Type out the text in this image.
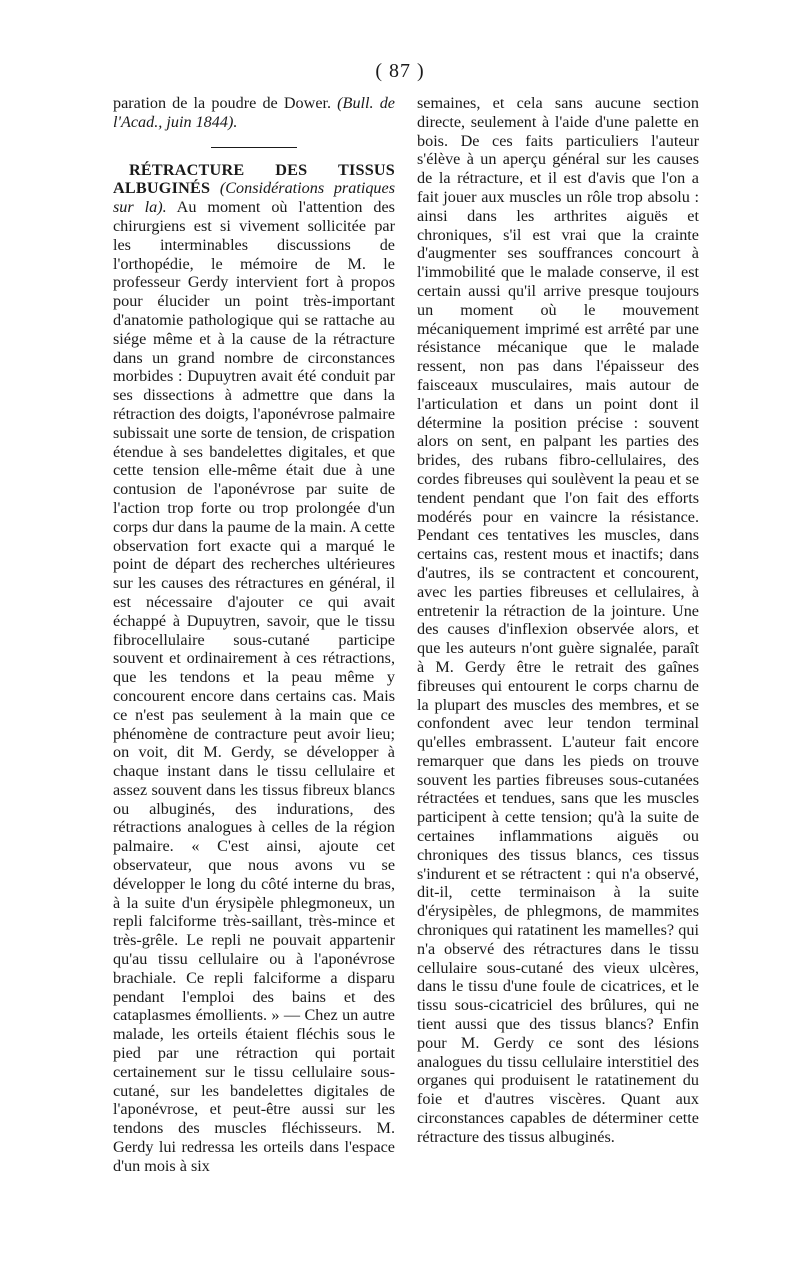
( 87 )

paration de la poudre de Dower. (Bull. de l'Acad., juin 1844).

RÉTRACTURE DES TISSUS ALBUGINÉS (Considérations pratiques sur la). Au moment où l'attention des chirurgiens est si vivement sollicitée par les interminables discussions de l'orthopédie, le mémoire de M. le professeur Gerdy intervient fort à propos pour élucider un point très-important d'anatomie pathologique qui se rattache au siége même et à la cause de la rétracture dans un grand nombre de circonstances morbides : Dupuytren avait été conduit par ses dissections à admettre que dans la rétraction des doigts, l'aponévrose palmaire subissait une sorte de tension, de crispation étendue à ses bandelettes digitales, et que cette tension elle-même était due à une contusion de l'aponévrose par suite de l'action trop forte ou trop prolongée d'un corps dur dans la paume de la main. A cette observation fort exacte qui a marqué le point de départ des recherches ultérieures sur les causes des rétractures en général, il est nécessaire d'ajouter ce qui avait échappé à Dupuytren, savoir, que le tissu fibrocellulaire sous-cutané participe souvent et ordinairement à ces rétractions, que les tendons et la peau même y concourent encore dans certains cas. Mais ce n'est pas seulement à la main que ce phénomène de contracture peut avoir lieu; on voit, dit M. Gerdy, se développer à chaque instant dans le tissu cellulaire et assez souvent dans les tissus fibreux blancs ou albuginés, des indurations, des rétractions analogues à celles de la région palmaire. « C'est ainsi, ajoute cet observateur, que nous avons vu se développer le long du côté interne du bras, à la suite d'un érysipèle phlegmoneux, un repli falciforme très-saillant, très-mince et très-grêle. Le repli ne pouvait appartenir qu'au tissu cellulaire ou à l'aponévrose brachiale. Ce repli falciforme a disparu pendant l'emploi des bains et des cataplasmes émollients. » — Chez un autre malade, les orteils étaient fléchis sous le pied par une rétraction qui portait certainement sur le tissu cellulaire sous-cutané, sur les bandelettes digitales de l'aponévrose, et peut-être aussi sur les tendons des muscles fléchisseurs. M. Gerdy lui redressa les orteils dans l'espace d'un mois à six

semaines, et cela sans aucune section directe, seulement à l'aide d'une palette en bois. De ces faits particuliers l'auteur s'élève à un aperçu général sur les causes de la rétracture, et il est d'avis que l'on a fait jouer aux muscles un rôle trop absolu : ainsi dans les arthrites aiguës et chroniques, s'il est vrai que la crainte d'augmenter ses souffrances concourt à l'immobilité que le malade conserve, il est certain aussi qu'il arrive presque toujours un moment où le mouvement mécaniquement imprimé est arrêté par une résistance mécanique que le malade ressent, non pas dans l'épaisseur des faisceaux musculaires, mais autour de l'articulation et dans un point dont il détermine la position précise : souvent alors on sent, en palpant les parties des brides, des rubans fibro-cellulaires, des cordes fibreuses qui soulèvent la peau et se tendent pendant que l'on fait des efforts modérés pour en vaincre la résistance. Pendant ces tentatives les muscles, dans certains cas, restent mous et inactifs; dans d'autres, ils se contractent et concourent, avec les parties fibreuses et cellulaires, à entretenir la rétraction de la jointure. Une des causes d'inflexion observée alors, et que les auteurs n'ont guère signalée, paraît à M. Gerdy être le retrait des gaînes fibreuses qui entourent le corps charnu de la plupart des muscles des membres, et se confondent avec leur tendon terminal qu'elles embrassent. L'auteur fait encore remarquer que dans les pieds on trouve souvent les parties fibreuses sous-cutanées rétractées et tendues, sans que les muscles participent à cette tension; qu'à la suite de certaines inflammations aiguës ou chroniques des tissus blancs, ces tissus s'indurent et se rétractent : qui n'a observé, dit-il, cette terminaison à la suite d'érysipèles, de phlegmons, de mammites chroniques qui ratatinent les mamelles? qui n'a observé des rétractures dans le tissu cellulaire sous-cutané des vieux ulcères, dans le tissu d'une foule de cicatrices, et le tissu sous-cicatriciel des brûlures, qui ne tient aussi que des tissus blancs? Enfin pour M. Gerdy ce sont des lésions analogues du tissu cellulaire interstitiel des organes qui produisent le ratatinement du foie et d'autres viscères. Quant aux circonstances capables de déterminer cette rétracture des tissus albuginés.
